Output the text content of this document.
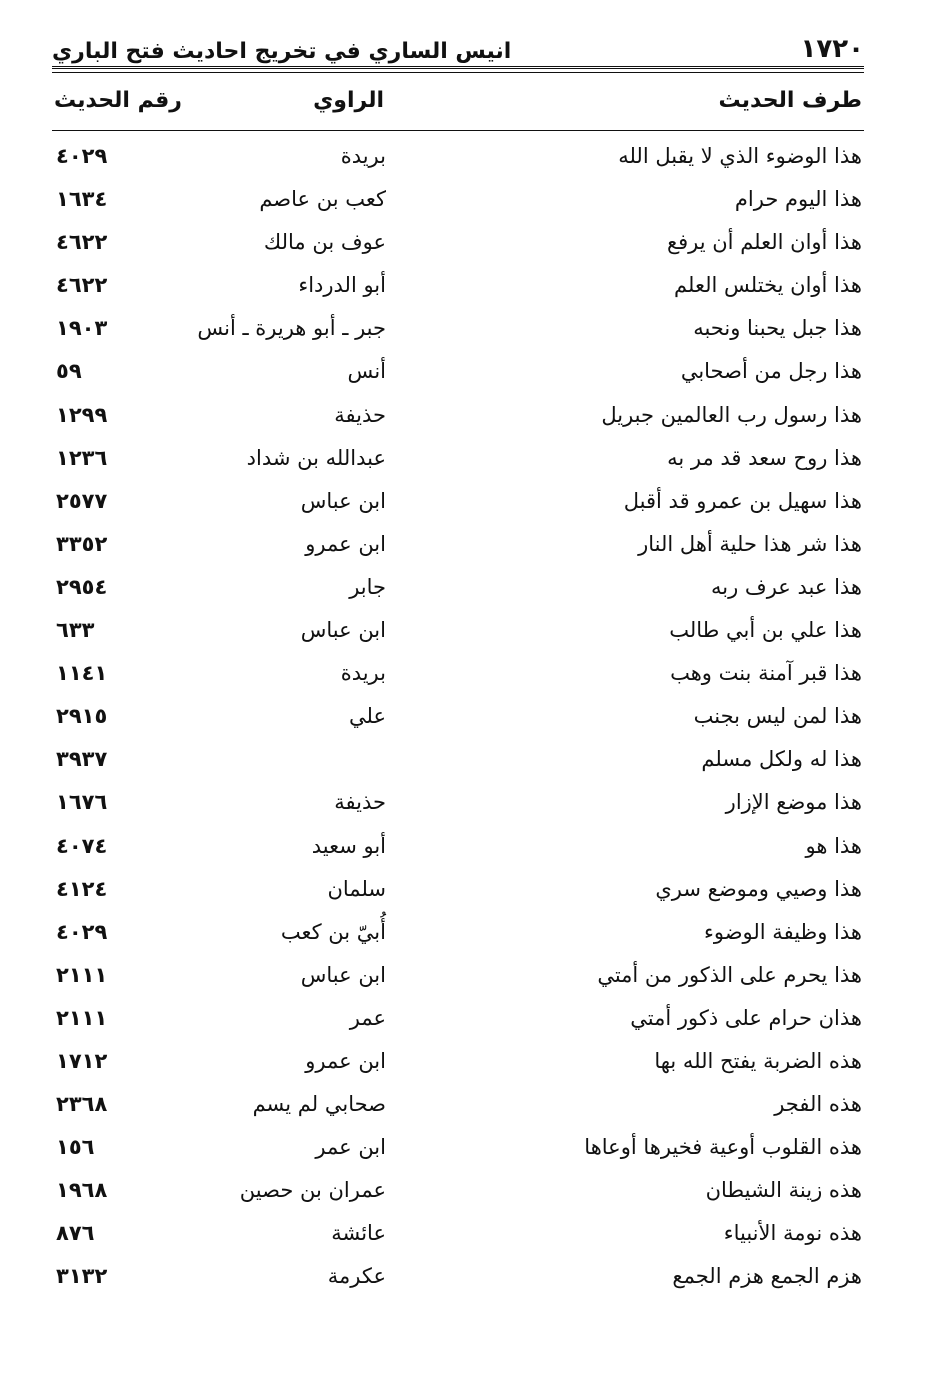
١٧٢٠
انيس الساري في تخريج احاديث فتح الباري
طرف الحديث
الراوي
رقم الحديث
هذا الوضوء الذي لا يقبل الله
بريدة
٤٠٢٩
هذا اليوم حرام
كعب بن عاصم
١٦٣٤
هذا أوان العلم أن يرفع
عوف بن مالك
٤٦٢٢
هذا أوان يختلس العلم
أبو الدرداء
٤٦٢٢
هذا جبل يحبنا ونحبه
جبر ـ أبو هريرة ـ أنس
١٩٠٣
هذا رجل من أصحابي
أنس
٥٩
هذا رسول رب العالمين جبريل
حذيفة
١٢٩٩
هذا روح سعد قد مر به
عبدالله بن شداد
١٢٣٦
هذا سهيل بن عمرو قد أقبل
ابن عباس
٢٥٧٧
هذا شر هذا حلية أهل النار
ابن عمرو
٣٣٥٢
هذا عبد عرف ربه
جابر
٢٩٥٤
هذا علي بن أبي طالب
ابن عباس
٦٣٣
هذا قبر آمنة بنت وهب
بريدة
١١٤١
هذا لمن ليس بجنب
علي
٢٩١٥
هذا له ولكل مسلم
٣٩٣٧
هذا موضع الإزار
حذيفة
١٦٧٦
هذا هو
أبو سعيد
٤٠٧٤
هذا وصيي وموضع سري
سلمان
٤١٢٤
هذا وظيفة الوضوء
أُبيّ بن كعب
٤٠٢٩
هذا يحرم على الذكور من أمتي
ابن عباس
٢١١١
هذان حرام على ذكور أمتي
عمر
٢١١١
هذه الضربة يفتح الله بها
ابن عمرو
١٧١٢
هذه الفجر
صحابي لم يسم
٢٣٦٨
هذه القلوب أوعية فخيرها أوعاها
ابن عمر
١٥٦
هذه زينة الشيطان
عمران بن حصين
١٩٦٨
هذه نومة الأنبياء
عائشة
٨٧٦
هزم الجمع هزم الجمع
عكرمة
٣١٣٢
